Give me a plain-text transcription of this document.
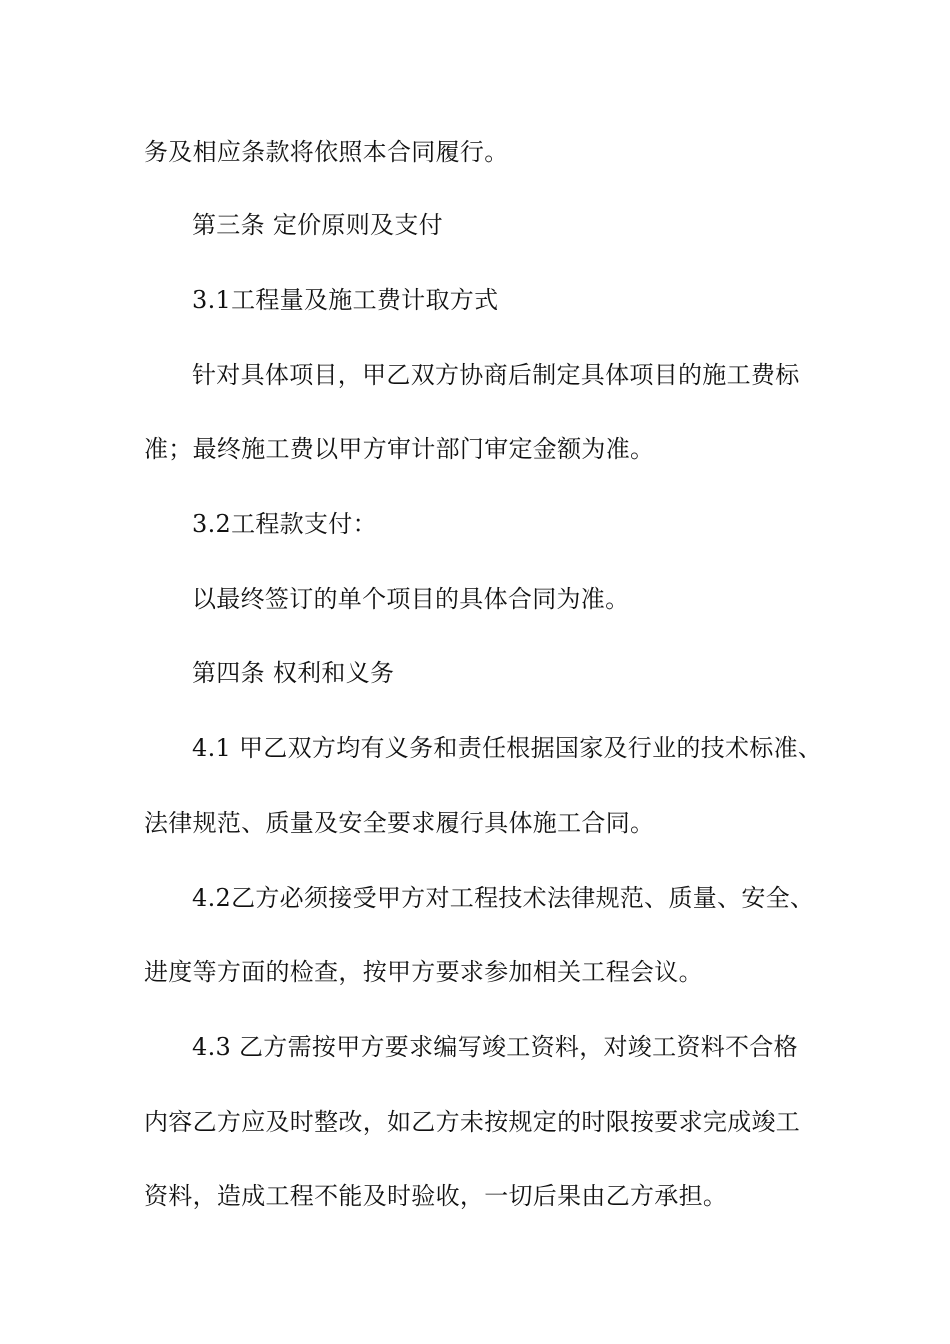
务及相应条款将依照本合同履行。
第三条 定价原则及支付
3.1工程量及施工费计取方式
针对具体项目，甲乙双方协商后制定具体项目的施工费标
准；最终施工费以甲方审计部门审定金额为准。
3.2工程款支付：
以最终签订的单个项目的具体合同为准。
第四条 权利和义务
4.1 甲乙双方均有义务和责任根据国家及行业的技术标准、
法律规范、质量及安全要求履行具体施工合同。
4.2乙方必须接受甲方对工程技术法律规范、质量、安全、
进度等方面的检查，按甲方要求参加相关工程会议。
4.3 乙方需按甲方要求编写竣工资料，对竣工资料不合格
内容乙方应及时整改，如乙方未按规定的时限按要求完成竣工
资料，造成工程不能及时验收，一切后果由乙方承担。
